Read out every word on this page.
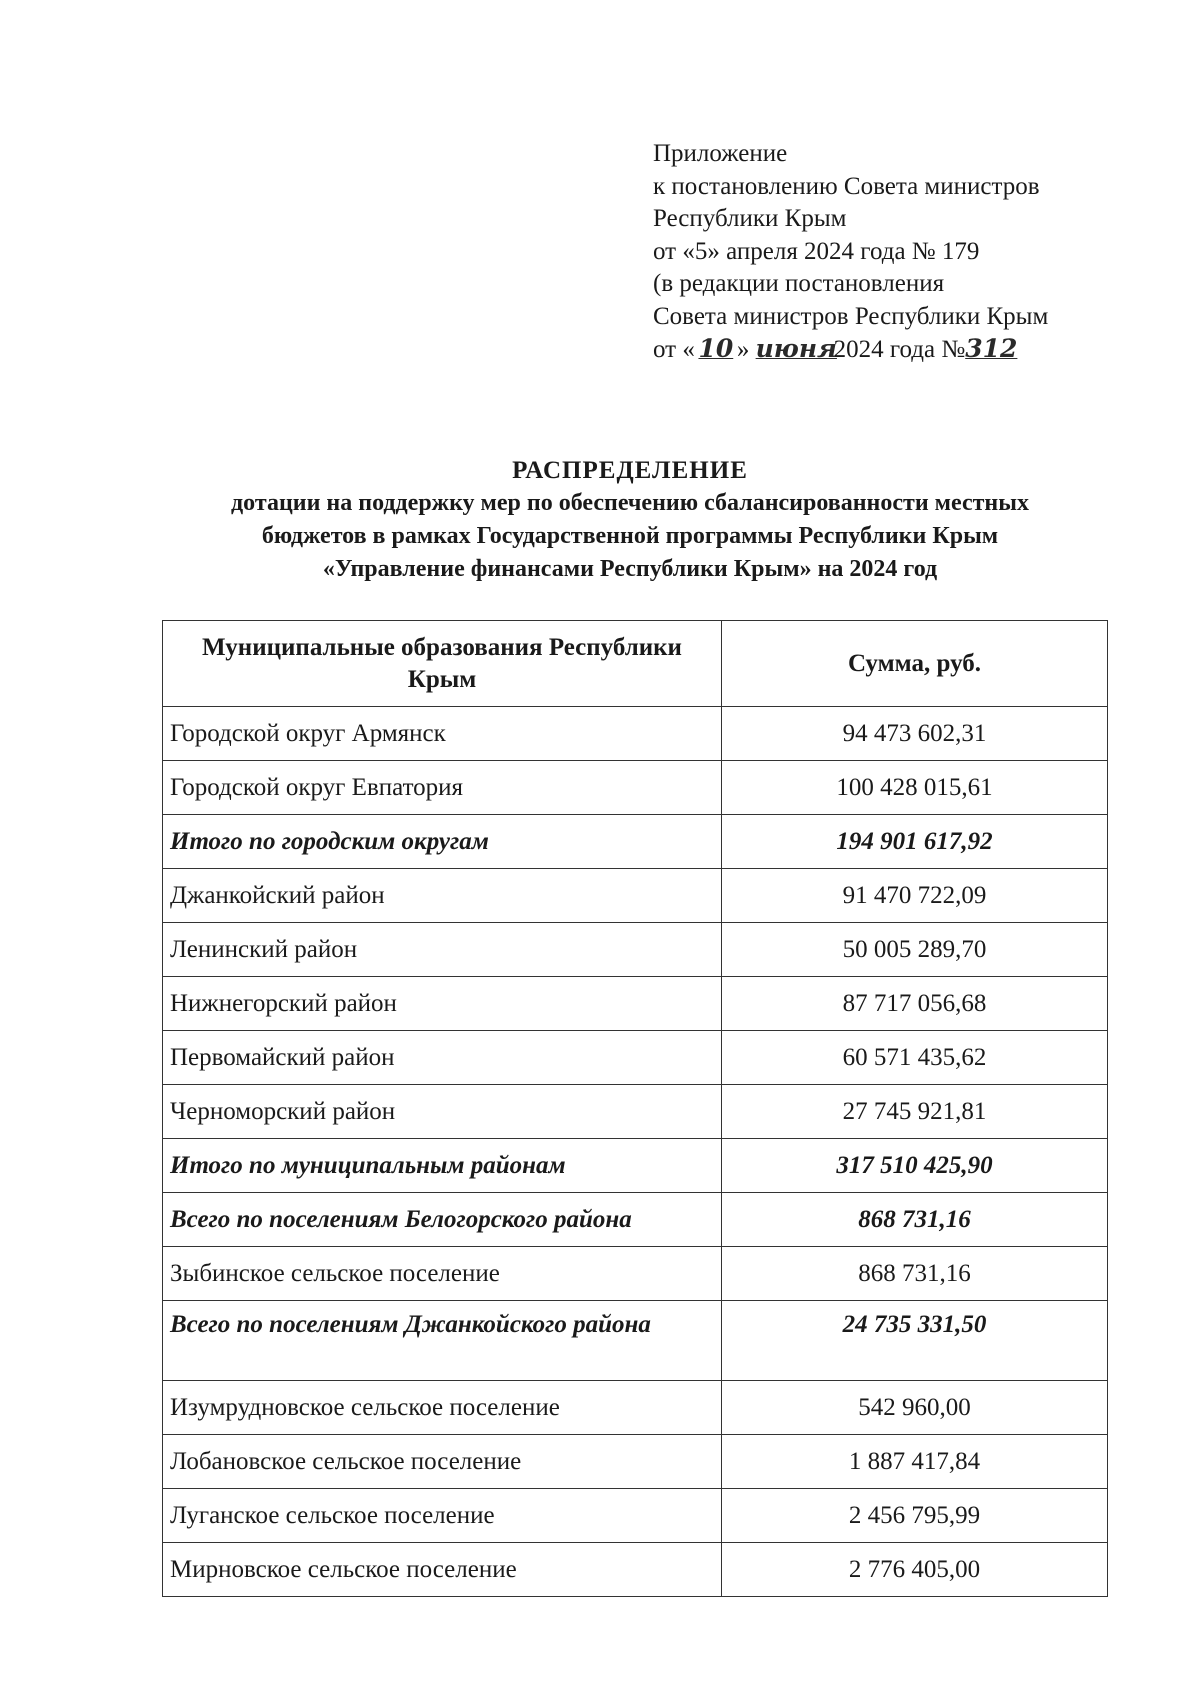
Приложение
к постановлению Совета министров
Республики Крым
от «5» апреля 2024 года № 179
(в редакции постановления
Совета министров Республики Крым
от « 10 » июня2024 года №312
РАСПРЕДЕЛЕНИЕ
дотации на поддержку мер по обеспечению сбалансированности местных
бюджетов в рамках Государственной программы Республики Крым
«Управление финансами Республики Крым» на 2024 год
Муниципальные образования Республики Крым	Сумма, руб.
Городской округ Армянск	94 473 602,31
Городской округ Евпатория	100 428 015,61
Итого по городским округам	194 901 617,92
Джанкойский район	91 470 722,09
Ленинский район	50 005 289,70
Нижнегорский район	87 717 056,68
Первомайский район	60 571 435,62
Черноморский район	27 745 921,81
Итого по муниципальным районам	317 510 425,90
Всего по поселениям Белогорского района	868 731,16
Зыбинское сельское поселение	868 731,16
Всего по поселениям Джанкойского района	24 735 331,50
Изумрудновское сельское поселение	542 960,00
Лобановское сельское поселение	1 887 417,84
Луганское сельское поселение	2 456 795,99
Мирновское сельское поселение	2 776 405,00
